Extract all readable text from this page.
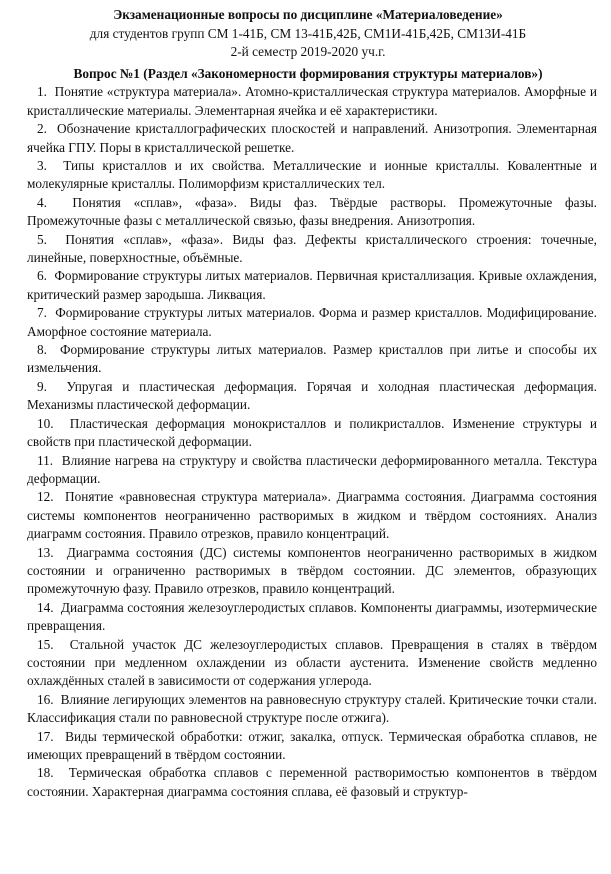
Экзаменационные вопросы по дисциплине «Материаловедение»
для студентов групп СМ 1-41Б, СМ 13-41Б,42Б, СМ1И-41Б,42Б, СМ13И-41Б
2-й семестр 2019-2020 уч.г.
Вопрос №1 (Раздел «Закономерности формирования структуры материалов»)

1. Понятие «структура материала». Атомно-кристаллическая структура материалов. Аморфные и кристаллические материалы. Элементарная ячейка и её характеристики.

2. Обозначение кристаллографических плоскостей и направлений. Анизотропия. Элементарная ячейка ГПУ. Поры в кристаллической решетке.

3. Типы кристаллов и их свойства. Металлические и ионные кристаллы. Ковалентные и молекулярные кристаллы. Полиморфизм кристаллических тел.

4. Понятия «сплав», «фаза». Виды фаз. Твёрдые растворы. Промежуточные фазы. Промежуточные фазы с металлической связью, фазы внедрения. Анизотропия.

5. Понятия «сплав», «фаза». Виды фаз. Дефекты кристаллического строения: точечные, линейные, поверхностные, объёмные.

6. Формирование структуры литых материалов. Первичная кристаллизация. Кривые охлаждения, критический размер зародыша. Ликвация.

7. Формирование структуры литых материалов. Форма и размер кристаллов. Модифицирование. Аморфное состояние материала.

8. Формирование структуры литых материалов. Размер кристаллов при литье и способы их измельчения.

9. Упругая и пластическая деформация. Горячая и холодная пластическая деформация. Механизмы пластической деформации.

10. Пластическая деформация монокристаллов и поликристаллов. Изменение структуры и свойств при пластической деформации.

11. Влияние нагрева на структуру и свойства пластически деформированного металла. Текстура деформации.

12. Понятие «равновесная структура материала». Диаграмма состояния. Диаграмма состояния системы компонентов неограниченно растворимых в жидком и твёрдом состояниях. Анализ диаграмм состояния. Правило отрезков, правило концентраций.

13. Диаграмма состояния (ДС) системы компонентов неограниченно растворимых в жидком состоянии и ограниченно растворимых в твёрдом состоянии. ДС элементов, образующих промежуточную фазу. Правило отрезков, правило концентраций.

14. Диаграмма состояния железоуглеродистых сплавов. Компоненты диаграммы, изотермические превращения.

15. Стальной участок ДС железоуглеродистых сплавов. Превращения в сталях в твёрдом состоянии при медленном охлаждении из области аустенита. Изменение свойств медленно охлаждённых сталей в зависимости от содержания углерода.

16. Влияние легирующих элементов на равновесную структуру сталей. Критические точки стали. Классификация стали по равновесной структуре после отжига).

17. Виды термической обработки: отжиг, закалка, отпуск. Термическая обработка сплавов, не имеющих превращений в твёрдом состоянии.

18. Термическая обработка сплавов с переменной растворимостью компонентов в твёрдом состоянии. Характерная диаграмма состояния сплава, её фазовый и структур-
